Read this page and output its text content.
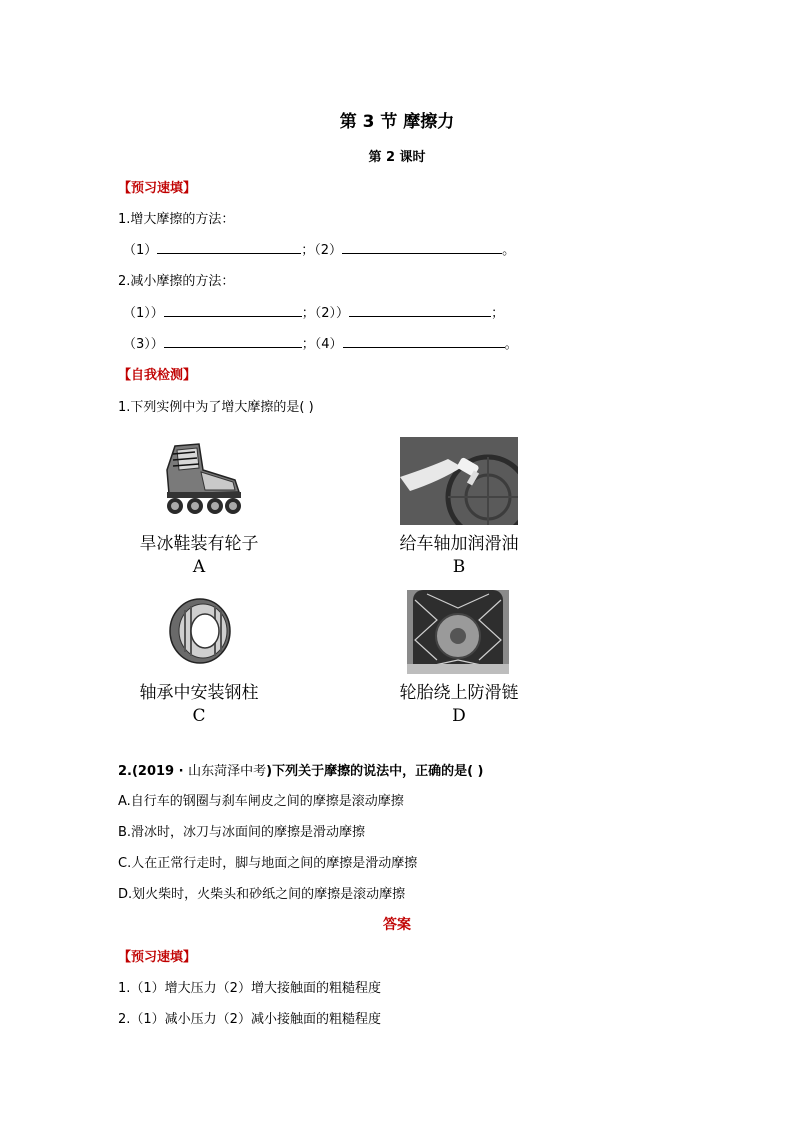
第 3 节 摩擦力
第 2 课时
【预习速填】
1.增大摩擦的方法：
（1）	；（2）	。
2.减小摩擦的方法：
（1））	；（2））	；
（3））	；（4）	。
【自我检测】
1.下列实例中为了增大摩擦的是( )
旱冰鞋装有轮子
A
给车轴加润滑油
B
轴承中安装钢柱
C
轮胎绕上防滑链
D
2.(2019 · 山东菏泽中考)下列关于摩擦的说法中，正确的是( )
A.自行车的钢圈与刹车闸皮之间的摩擦是滚动摩擦
B.滑冰时，冰刀与冰面间的摩擦是滑动摩擦
C.人在正常行走时，脚与地面之间的摩擦是滑动摩擦
D.划火柴时，火柴头和砂纸之间的摩擦是滚动摩擦
答案
【预习速填】
1.（1）增大压力（2）增大接触面的粗糙程度
2.（1）减小压力（2）减小接触面的粗糙程度
